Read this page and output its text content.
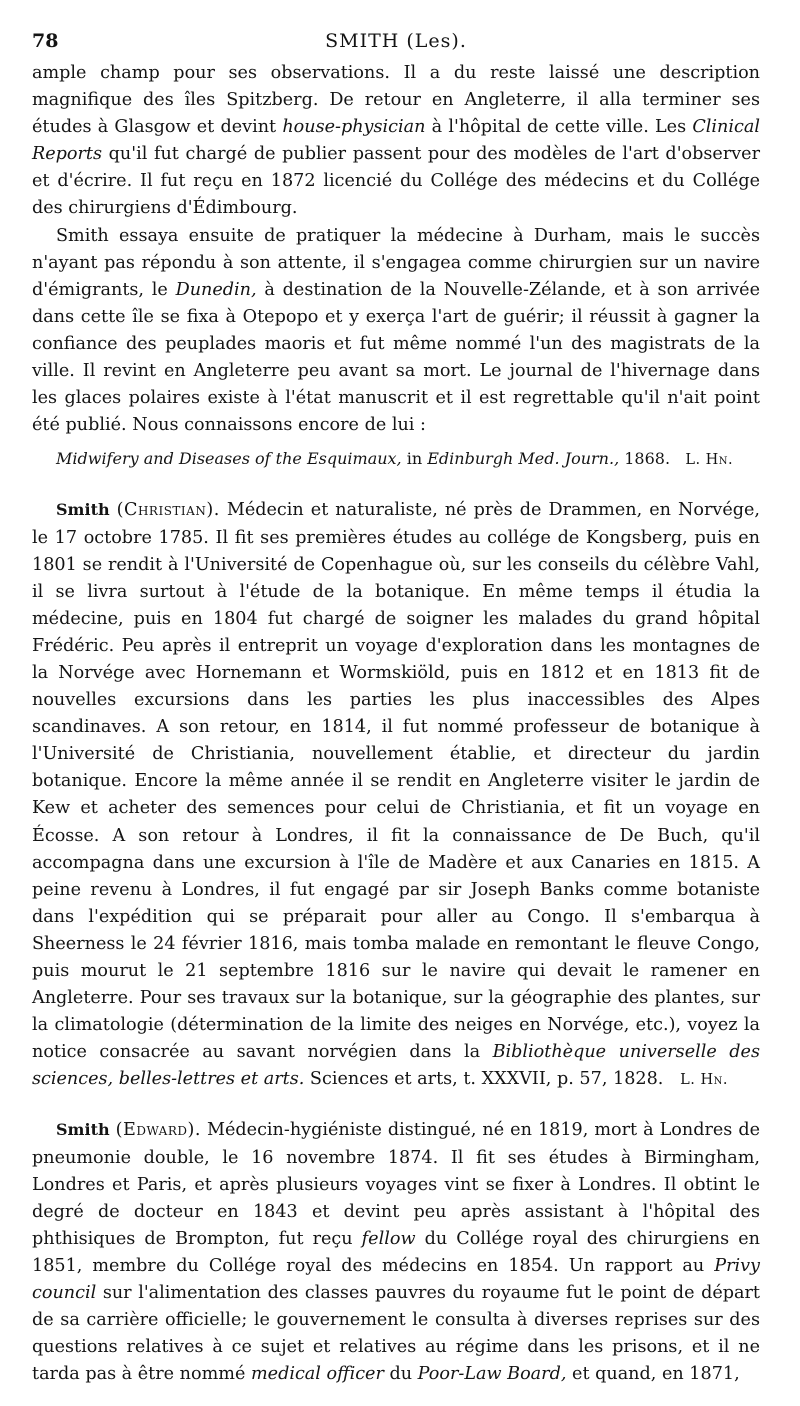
78	SMITH (Les).

ample champ pour ses observations. Il a du reste laissé une description magnifique des îles Spitzberg. De retour en Angleterre, il alla terminer ses études à Glasgow et devint house-physician à l'hôpital de cette ville. Les Clinical Reports qu'il fut chargé de publier passent pour des modèles de l'art d'observer et d'écrire. Il fut reçu en 1872 licencié du Collége des médecins et du Collége des chirurgiens d'Édimbourg.

Smith essaya ensuite de pratiquer la médecine à Durham, mais le succès n'ayant pas répondu à son attente, il s'engagea comme chirurgien sur un navire d'émigrants, le Dunedin, à destination de la Nouvelle-Zélande, et à son arrivée dans cette île se fixa à Otepopo et y exerça l'art de guérir; il réussit à gagner la confiance des peuplades maoris et fut même nommé l'un des magistrats de la ville. Il revint en Angleterre peu avant sa mort. Le journal de l'hivernage dans les glaces polaires existe à l'état manuscrit et il est regrettable qu'il n'ait point été publié. Nous connaissons encore de lui :

Midwifery and Diseases of the Esquimaux, in Edinburgh Med. Journ., 1868. L. Hn.

Smith (Christian). Médecin et naturaliste, né près de Drammen, en Norvége, le 17 octobre 1785. Il fit ses premières études au collége de Kongsberg, puis en 1801 se rendit à l'Université de Copenhague où, sur les conseils du célèbre Vahl, il se livra surtout à l'étude de la botanique. En même temps il étudia la médecine, puis en 1804 fut chargé de soigner les malades du grand hôpital Frédéric. Peu après il entreprit un voyage d'exploration dans les montagnes de la Norvége avec Hornemann et Wormskiöld, puis en 1812 et en 1813 fit de nouvelles excursions dans les parties les plus inaccessibles des Alpes scandinaves. A son retour, en 1814, il fut nommé professeur de botanique à l'Université de Christiania, nouvellement établie, et directeur du jardin botanique. Encore la même année il se rendit en Angleterre visiter le jardin de Kew et acheter des semences pour celui de Christiania, et fit un voyage en Écosse. A son retour à Londres, il fit la connaissance de De Buch, qu'il accompagna dans une excursion à l'île de Madère et aux Canaries en 1815. A peine revenu à Londres, il fut engagé par sir Joseph Banks comme botaniste dans l'expédition qui se préparait pour aller au Congo. Il s'embarqua à Sheerness le 24 février 1816, mais tomba malade en remontant le fleuve Congo, puis mourut le 21 septembre 1816 sur le navire qui devait le ramener en Angleterre. Pour ses travaux sur la botanique, sur la géographie des plantes, sur la climatologie (détermination de la limite des neiges en Norvége, etc.), voyez la notice consacrée au savant norvégien dans la Bibliothèque universelle des sciences, belles-lettres et arts. Sciences et arts, t. XXXVII, p. 57, 1828. L. Hn.

Smith (Edward). Médecin-hygiéniste distingué, né en 1819, mort à Londres de pneumonie double, le 16 novembre 1874. Il fit ses études à Birmingham, Londres et Paris, et après plusieurs voyages vint se fixer à Londres. Il obtint le degré de docteur en 1843 et devint peu après assistant à l'hôpital des phthisiques de Brompton, fut reçu fellow du Collége royal des chirurgiens en 1851, membre du Collége royal des médecins en 1854. Un rapport au Privy council sur l'alimentation des classes pauvres du royaume fut le point de départ de sa carrière officielle; le gouvernement le consulta à diverses reprises sur des questions relatives à ce sujet et relatives au régime dans les prisons, et il ne tarda pas à être nommé medical officer du Poor-Law Board, et quand, en 1871,
